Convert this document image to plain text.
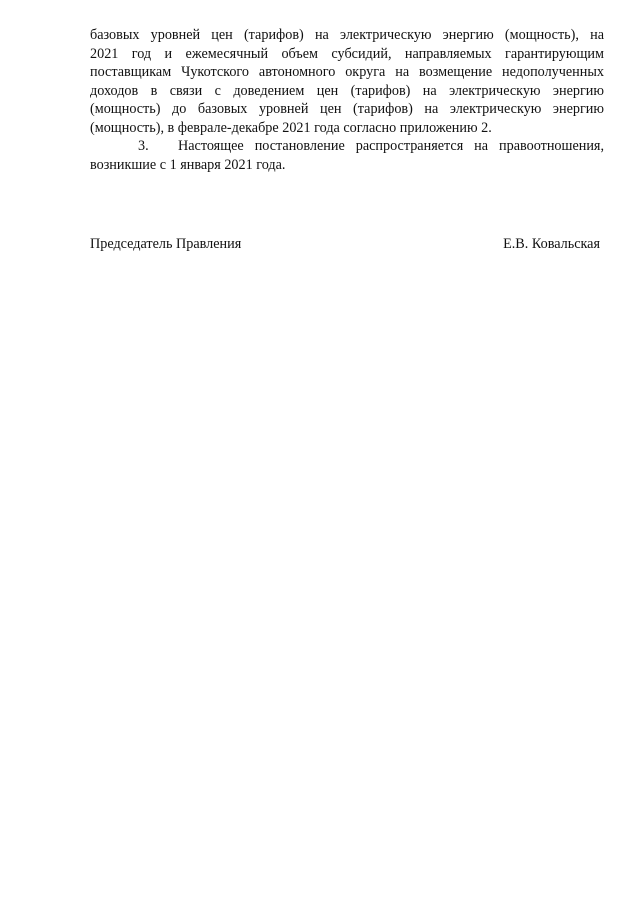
базовых уровней цен (тарифов) на электрическую энергию (мощность), на
2021 год и ежемесячный объем субсидий, направляемых гарантирующим
поставщикам Чукотского автономного округа на возмещение недополученных
доходов в связи с доведением цен (тарифов) на электрическую энергию
(мощность) до базовых уровней цен (тарифов) на электрическую энергию
(мощность), в феврале-декабре 2021 года согласно приложению 2.
3.	Настоящее постановление распространяется на правоотношения,
возникшие с 1 января 2021 года.
Председатель Правления	Е.В. Ковальская
